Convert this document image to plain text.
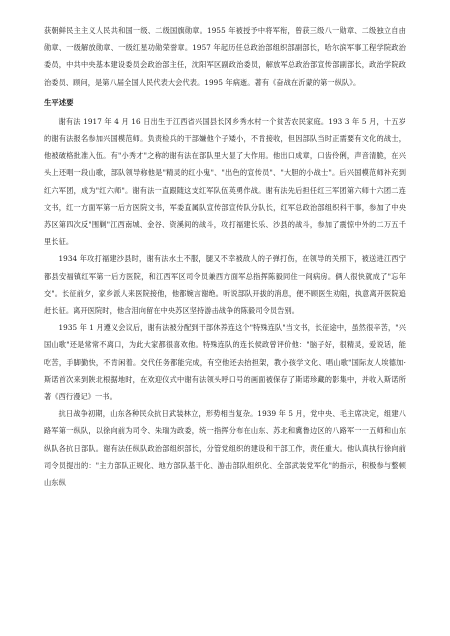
获朝鲜民主主义人民共和国一级、二级国旗勋章。1955 年被授予中将军衔，曾获三级八一勋章、二级独立自由勋章、一级解放勋章、一级红星功勋荣誉章。1957 年起历任总政治部组织部副部长，哈尔滨军事工程学院政治委员，中共中央基本建设委员会政治部主任，沈阳军区副政治委员，解放军总政治部宣传部副部长，政治学院政治委员、顾问，是第八届全国人民代表大会代表。1995 年病逝。著有《奋战在沂蒙的第一纵队》。

生平述要

谢有法 1917 年 4 月 16 日出生于江西省兴国县长冈乡秀水村一个贫苦农民家庭。193 3 年 5 月，十五岁的谢有法报名参加兴国模范师。负责检兵的干部嫌他个子矮小，不肯接收，但因部队当时正需要有文化的战士，他被破格批准入伍。有"小秀才"之称的谢有法在部队里大显了大作用。他出口成章，口齿伶俐，声音清脆，在兴头上还唱一段山歌，部队领导称他是"精灵的红小鬼"、"出色的宣传员"、"大胆的小战士"。后兴国模范师补充到红六军团，成为"红六师"。谢有法一直跟随这支红军队伍英勇作战。谢有法先后担任红三军团第六师十六团二连文书，红一方面军第一后方医院文书，军委直属队宣传部宣传队分队长，红军总政治部组织科干事，参加了中央苏区第四次反"围剿"江西南城、金谷、资溪间的战斗，攻打福建长乐、沙县的战斗，参加了震惊中外的二万五千里长征。

1934 年攻打福建沙县时，谢有法水土不服，腿又不幸被敌人的子弹打伤，在领导的关照下，被送进江西宁都县安福镇红军第一后方医院，和江西军区司令员兼西方面军总指挥陈毅同住一间病房。俩人很快就成了"忘年交"。长征前夕，家乡派人来医院接他，他都婉言谢绝。听说部队开拔的消息，便不顾医生劝阻，执意离开医院追赶长征。离开医院时，他含泪向留在中央苏区坚持游击战争的陈毅司令员告别。

1935 年 1 月遵义会议后，谢有法被分配到干部休养连这个"特殊连队"当文书，长征途中，虽然很辛苦，"兴国山歌"还是常常不离口，为此大家都很喜欢他。特殊连队的连长侯政曾评价他："脑子好，很精灵，爱说话，能吃苦，手脚勤快，不肯闲着。交代任务都能完成，有空他还去抬担架，教小孩学文化、唱山歌"国际友人埃德加·斯诺首次来到陕北根据地时，在欢迎仪式中谢有法领头呼口号的画面被保存了斯诺珍藏的影集中，并收入斯诺所著《西行漫记》一书。

抗日战争初期，山东各种民众抗日武装林立，形势相当复杂。1939 年 5 月，党中央、毛主席决定，组建八路军第一纵队，以徐向前为司令、朱瑞为政委，统一指挥分布在山东、苏北和冀鲁边区的八路军一一五师和山东纵队各抗日部队。谢有法任纵队政治部组织部长，分管党组织的建设和干部工作，责任重大。他认真执行徐向前司令员提出的："主力部队正规化、地方部队基干化、游击部队组织化、全部武装党军化"的指示，积极参与整顿山东纵
